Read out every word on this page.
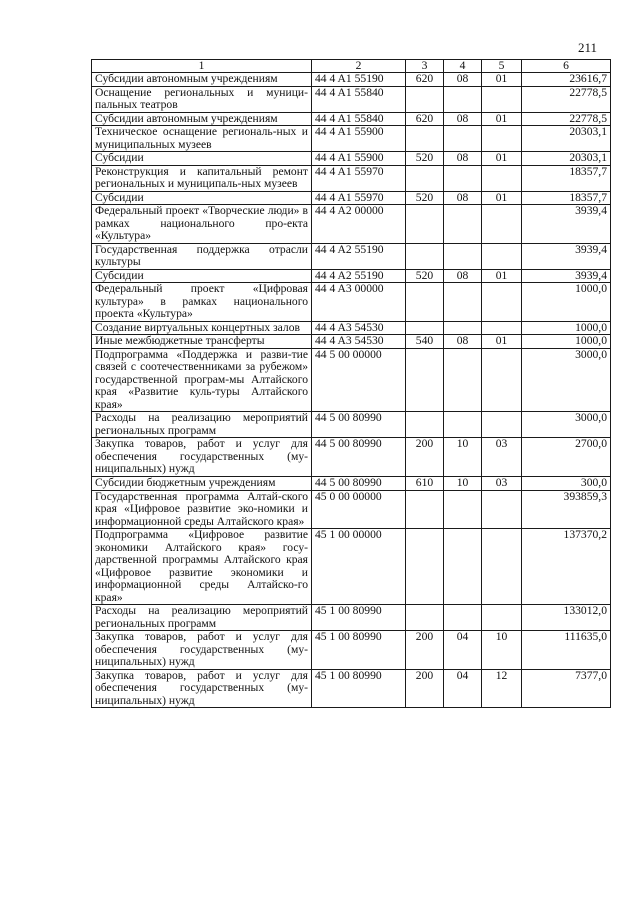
211
1	2	3	4	5	6
Субсидии автономным учреждениям	44 4 A1 55190	620	08	01	23616,7
Оснащение региональных и муници-пальных театров	44 4 A1 55840				22778,5
Субсидии автономным учреждениям	44 4 A1 55840	620	08	01	22778,5
Техническое оснащение региональ-ных и муниципальных музеев	44 4 A1 55900				20303,1
Субсидии	44 4 A1 55900	520	08	01	20303,1
Реконструкция и капитальный ремонт региональных и муниципаль-ных музеев	44 4 A1 55970				18357,7
Субсидии	44 4 A1 55970	520	08	01	18357,7
Федеральный проект «Творческие люди» в рамках национального про-екта «Культура»	44 4 A2 00000				3939,4
Государственная поддержка отрасли культуры	44 4 A2 55190				3939,4
Субсидии	44 4 A2 55190	520	08	01	3939,4
Федеральный проект «Цифровая культура» в рамках национального проекта «Культура»	44 4 A3 00000				1000,0
Создание виртуальных концертных залов	44 4 A3 54530				1000,0
Иные межбюджетные трансферты	44 4 A3 54530	540	08	01	1000,0
Подпрограмма «Поддержка и разви-тие связей с соотечественниками за рубежом» государственной програм-мы Алтайского края «Развитие куль-туры Алтайского края»	44 5 00 00000				3000,0
Расходы на реализацию мероприятий региональных программ	44 5 00 80990				3000,0
Закупка товаров, работ и услуг для обеспечения государственных (му-ниципальных) нужд	44 5 00 80990	200	10	03	2700,0
Субсидии бюджетным учреждениям	44 5 00 80990	610	10	03	300,0
Государственная программа Алтай-ского края «Цифровое развитие эко-номики и информационной среды Алтайского края»	45 0 00 00000				393859,3
Подпрограмма «Цифровое развитие экономики Алтайского края» госу-дарственной программы Алтайского края «Цифровое развитие экономики и информационной среды Алтайско-го края»	45 1 00 00000				137370,2
Расходы на реализацию мероприятий региональных программ	45 1 00 80990				133012,0
Закупка товаров, работ и услуг для обеспечения государственных (му-ниципальных) нужд	45 1 00 80990	200	04	10	111635,0
Закупка товаров, работ и услуг для обеспечения государственных (му-ниципальных) нужд	45 1 00 80990	200	04	12	7377,0
